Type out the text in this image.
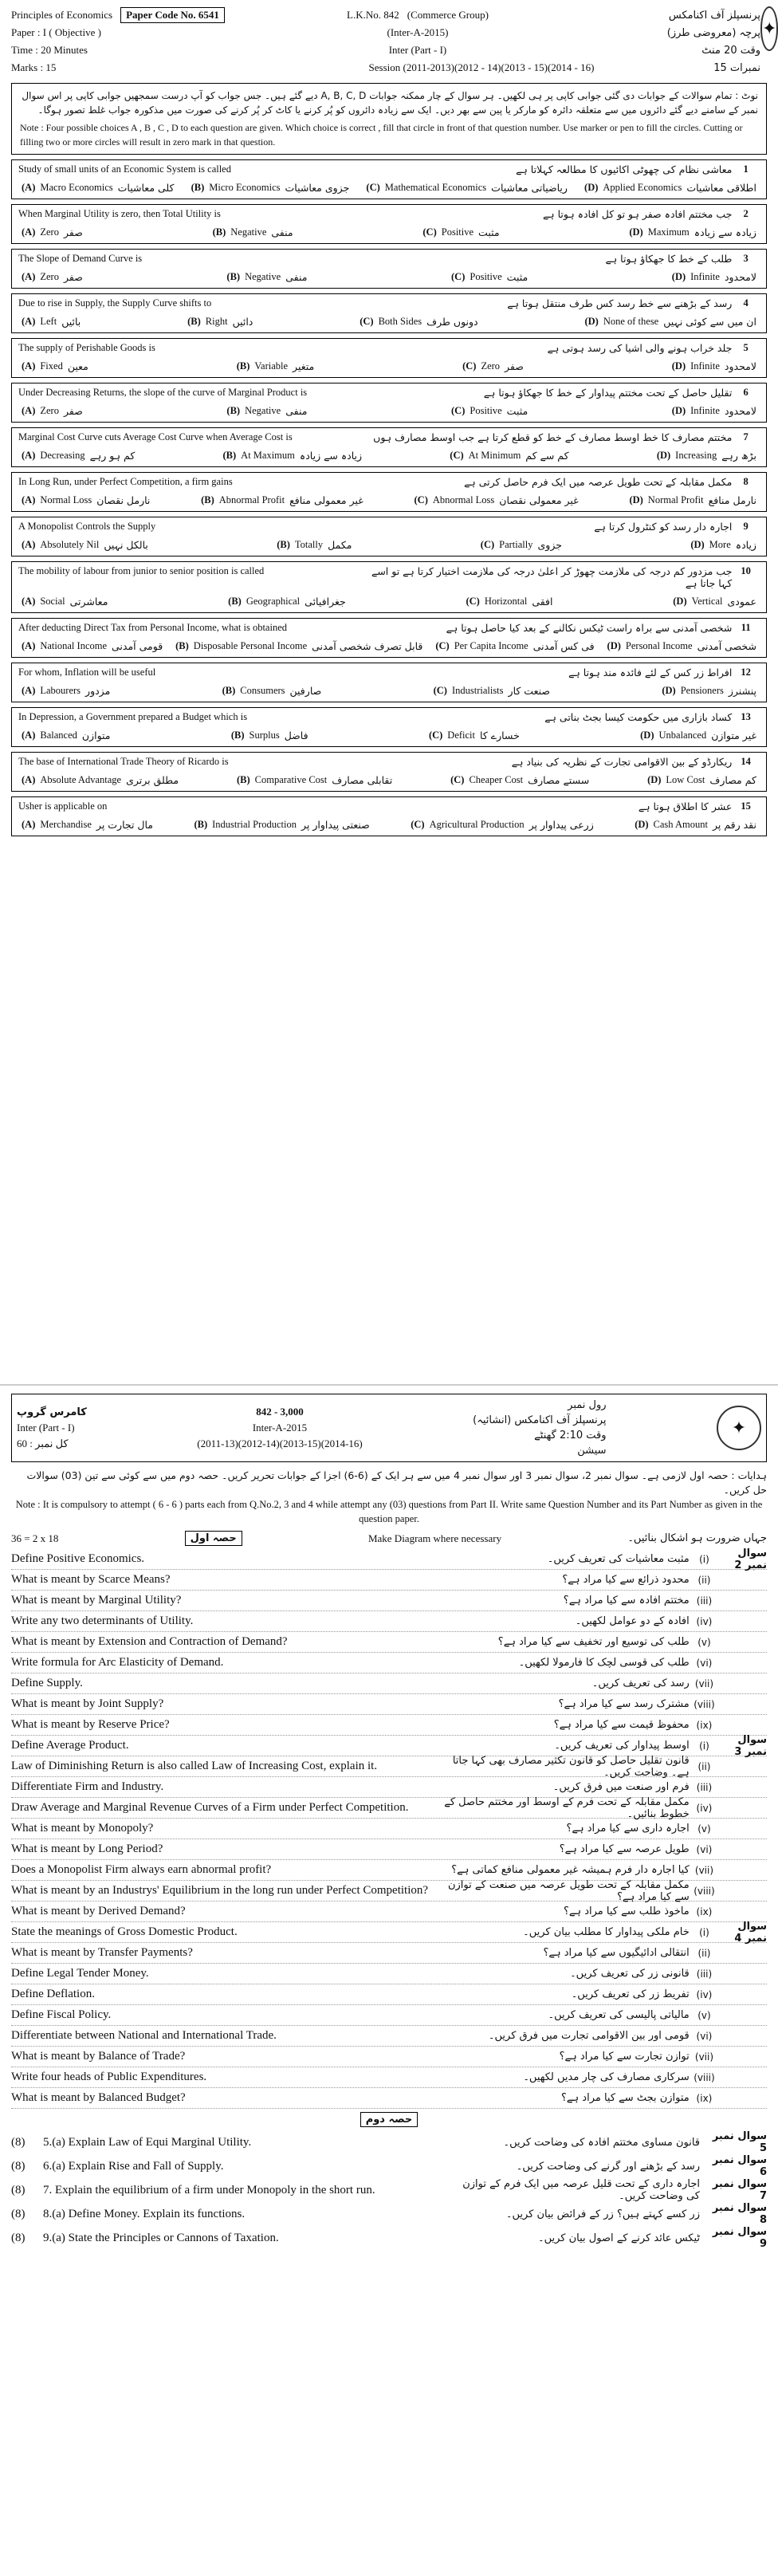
Principles of Economics	Paper Code No. 6541	L.K.No. 842 (Commerce Group)	پرنسپلز آف اکنامکس
Paper : I ( Objective )	(Inter-A-2015)	پرچہ (معروضی طرز)
Time : 20 Minutes	Inter (Part - I)	وقت 20 منٹ
Marks : 15	Session (2011-2013)(2012 - 14)(2013 - 15)(2014 - 16)	نمبرات 15
✦
نوٹ : تمام سوالات کے جوابات دی گئی جوابی کاپی پر ہی لکھیں۔ ہر سوال کے چار ممکنہ جوابات A, B, C, D دیے گئے ہیں۔ جس جواب کو آپ درست سمجھیں جوابی کاپی پر اس سوال نمبر کے سامنے دیے گئے دائروں میں سے متعلقہ دائرہ کو مارکر یا پین سے بھر دیں۔ ایک سے زیادہ دائروں کو پُر کرنے یا کاٹ کر پُر کرنے کی صورت میں مذکورہ جواب غلط تصور ہوگا۔
Note : Four possible choices A , B , C , D to each question are given. Which choice is correct , fill that circle in front of that question number. Use marker or pen to fill the circles. Cutting or filling two or more circles will result in zero mark in that question.
Study of small units of an Economic System is called	معاشی نظام کی چھوٹی اکائیوں کا مطالعہ کہلاتا ہے	1
(A) Macro Economics کلی معاشیات (B) Micro Economics جزوی معاشیات (C) Mathematical Economics ریاضیاتی معاشیات (D) Applied Economics اطلاقی معاشیات
When Marginal Utility is zero, then Total Utility is	جب مختتم افادہ صفر ہو تو کل افادہ ہوتا ہے	2
(A) Zero صفر	(B) Negative منفی	(C) Positive مثبت	(D) Maximum زیادہ سے زیادہ
The Slope of Demand Curve is	طلب کے خط کا جھکاؤ ہوتا ہے	3
(A) Zero صفر	(B) Negative منفی	(C) Positive مثبت	(D) Infinite لامحدود
Due to rise in Supply, the Supply Curve shifts to	رسد کے بڑھنے سے خط رسد کس طرف منتقل ہوتا ہے	4
(A) Left بائیں	(B) Right دائیں	(C) Both Sides دونوں طرف	(D) None of these ان میں سے کوئی نہیں
The supply of Perishable Goods is	جلد خراب ہونے والی اشیا کی رسد ہوتی ہے	5
(A) Fixed معین	(B) Variable متغیر	(C) Zero صفر	(D) Infinite لامحدود
Under Decreasing Returns, the slope of the curve of Marginal Product is	تقلیل حاصل کے تحت مختتم پیداوار کے خط کا جھکاؤ ہوتا ہے	6
(A) Zero صفر	(B) Negative منفی	(C) Positive مثبت	(D) Infinite لامحدود
Marginal Cost Curve cuts Average Cost Curve when Average Cost is	مختتم مصارف کا خط اوسط مصارف کے خط کو قطع کرتا ہے جب اوسط مصارف ہوں	7
(A) Decreasing کم ہو رہے	(B) At Maximum زیادہ سے زیادہ	(C) At Minimum کم سے کم	(D) Increasing بڑھ رہے
In Long Run, under Perfect Competition, a firm gains	مکمل مقابلہ کے تحت طویل عرصہ میں ایک فرم حاصل کرتی ہے	8
(A) Normal Loss نارمل نقصان	(B) Abnormal Profit غیر معمولی منافع	(C) Abnormal Loss غیر معمولی نقصان	(D) Normal Profit نارمل منافع
A Monopolist Controls the Supply	اجارہ دار رسد کو کنٹرول کرتا ہے	9
(A) Absolutely Nil بالکل نہیں	(B) Totally مکمل	(C) Partially جزوی	(D) More زیادہ
The mobility of labour from junior to senior position is called	جب مزدور کم درجہ کی ملازمت چھوڑ کر اعلیٰ درجہ کی ملازمت اختیار کرتا ہے تو اسے کہا جاتا ہے
10
(A) Social معاشرتی	(B) Geographical جغرافیائی	(C) Horizontal افقی	(D) Vertical عمودی
After deducting Direct Tax from Personal Income, what is obtained	شخصی آمدنی سے براہ راست ٹیکس نکالنے کے بعد کیا حاصل ہوتا ہے 11
(A) National Income قومی آمدنی (B) Disposable Personal Income قابل تصرف شخصی آمدنی (C) Per Capita Income فی کس آمدنی (D) Personal Income شخصی آمدنی
For whom, Inflation will be useful	افراط زر کس کے لئے فائدہ مند ہوتا ہے 12
(A) Labourers مزدور	(B) Consumers صارفین	(C) Industrialists صنعت کار	(D) Pensioners پنشنرز
In Depression, a Government prepared a Budget which is	کساد بازاری میں حکومت کیسا بجٹ بناتی ہے 13
(A) Balanced متوازن	(B) Surplus فاضل	(C) Deficit خسارے کا	(D) Unbalanced غیر متوازن
The base of International Trade Theory of Ricardo is	ریکارڈو کے بین الاقوامی تجارت کے نظریہ کی بنیاد ہے 14
(A) Absolute Advantage مطلق برتری	(B) Comparative Cost تقابلی مصارف	(C) Cheaper Cost سستے مصارف	(D) Low Cost کم مصارف
Usher is applicable on	عشر کا اطلاق ہوتا ہے 15
(A) Merchandise مال تجارت پر	(B) Industrial Production صنعتی پیداوار پر	(C) Agricultural Production زرعی پیداوار پر	(D) Cash Amount نقد رقم پر
کامرس گروپ
Inter (Part - I)
کل نمبر : 60
842 - 3,000
Inter-A-2015
(2011-13)(2012-14)(2013-15)(2014-16)
رول نمبر
پرنسپلز آف اکنامکس (انشائیہ)
وقت 2:10 گھنٹے
سیشن
✦
ہدایات : حصہ اول لازمی ہے۔ سوال نمبر 2، سوال نمبر 3 اور سوال نمبر 4 میں سے ہر ایک کے (6-6) اجزا کے جوابات تحریر کریں۔ حصہ دوم میں سے کوئی سے تین (03) سوالات حل کریں۔
Note : It is compulsory to attempt ( 6 - 6 ) parts each from Q.No.2, 3 and 4 while attempt any (03) questions from Part II. Write same Question Number and its Part Number as given in the question paper.
36 = 2 x 18	حصہ اول	Make Diagram where necessary	جہاں ضرورت ہو اشکال بنائیں۔
Define Positive Economics.	مثبت معاشیات کی تعریف کریں۔	(i)	سوال نمبر 2
What is meant by Scarce Means?	محدود ذرائع سے کیا مراد ہے؟ (ii)
What is meant by Marginal Utility?	مختتم افادہ سے کیا مراد ہے؟ (iii)
Write any two determinants of Utility.	افادہ کے دو عوامل لکھیں۔ (iv)
What is meant by Extension and Contraction of Demand?	طلب کی توسیع اور تخفیف سے کیا مراد ہے؟ (v)
Write formula for Arc Elasticity of Demand.	طلب کی قوسی لچک کا فارمولا لکھیں۔ (vi)
Define Supply.	رسد کی تعریف کریں۔ (vii)
What is meant by Joint Supply?	مشترک رسد سے کیا مراد ہے؟ (viii)
What is meant by Reserve Price?	محفوظ قیمت سے کیا مراد ہے؟ (ix)
Define Average Product.	اوسط پیداوار کی تعریف کریں۔	(i)	سوال نمبر 3
Law of Diminishing Return is also called Law of Increasing Cost, explain it.	قانون تقلیل حاصل کو قانون تکثیر مصارف بھی کہا جاتا ہے۔ وضاحت کریں۔ (ii)
Differentiate Firm and Industry.	فرم اور صنعت میں فرق کریں۔ (iii)
Draw Average and Marginal Revenue Curves of a Firm under Perfect Competition.	مکمل مقابلہ کے تحت فرم کے اوسط اور مختتم حاصل کے خطوط بنائیں۔ (iv)
What is meant by Monopoly?	اجارہ داری سے کیا مراد ہے؟ (v)
What is meant by Long Period?	طویل عرصہ سے کیا مراد ہے؟ (vi)
Does a Monopolist Firm always earn abnormal profit?	کیا اجارہ دار فرم ہمیشہ غیر معمولی منافع کماتی ہے؟ (vii)
What is meant by an Industrys' Equilibrium in the long run under Perfect Competition?	مکمل مقابلہ کے تحت طویل عرصہ میں صنعت کے توازن سے کیا مراد ہے؟ (viii)
What is meant by Derived Demand?	ماخوذ طلب سے کیا مراد ہے؟ (ix)
State the meanings of Gross Domestic Product.	خام ملکی پیداوار کا مطلب بیان کریں۔	(i)	سوال نمبر 4
What is meant by Transfer Payments?	انتقالی ادائیگیوں سے کیا مراد ہے؟ (ii)
Define Legal Tender Money.	قانونی زر کی تعریف کریں۔ (iii)
Define Deflation.	تفریط زر کی تعریف کریں۔ (iv)
Define Fiscal Policy.	مالیاتی پالیسی کی تعریف کریں۔ (v)
Differentiate between National and International Trade.	قومی اور بین الاقوامی تجارت میں فرق کریں۔ (vi)
What is meant by Balance of Trade?	توازن تجارت سے کیا مراد ہے؟ (vii)
Write four heads of Public Expenditures.	سرکاری مصارف کی چار مدیں لکھیں۔ (viii)
What is meant by Balanced Budget?	متوازن بجٹ سے کیا مراد ہے؟ (ix)
حصہ دوم
(8)	5.(a) Explain Law of Equi Marginal Utility.	قانون مساوی مختتم افادہ کی وضاحت کریں۔	سوال نمبر 5
(8)	6.(a) Explain Rise and Fall of Supply.	رسد کے بڑھنے اور گرنے کی وضاحت کریں۔	سوال نمبر 6
(8)	7. Explain the equilibrium of a firm under Monopoly in the short run.	اجارہ داری کے تحت قلیل عرصہ میں ایک فرم کے توازن کی وضاحت کریں۔
سوال نمبر 7
(8)	8.(a) Define Money. Explain its functions.	زر کسے کہتے ہیں؟ زر کے فرائض بیان کریں۔	سوال نمبر 8
(8)	9.(a) State the Principles or Cannons of Taxation.	ٹیکس عائد کرنے کے اصول بیان کریں۔	سوال نمبر 9
